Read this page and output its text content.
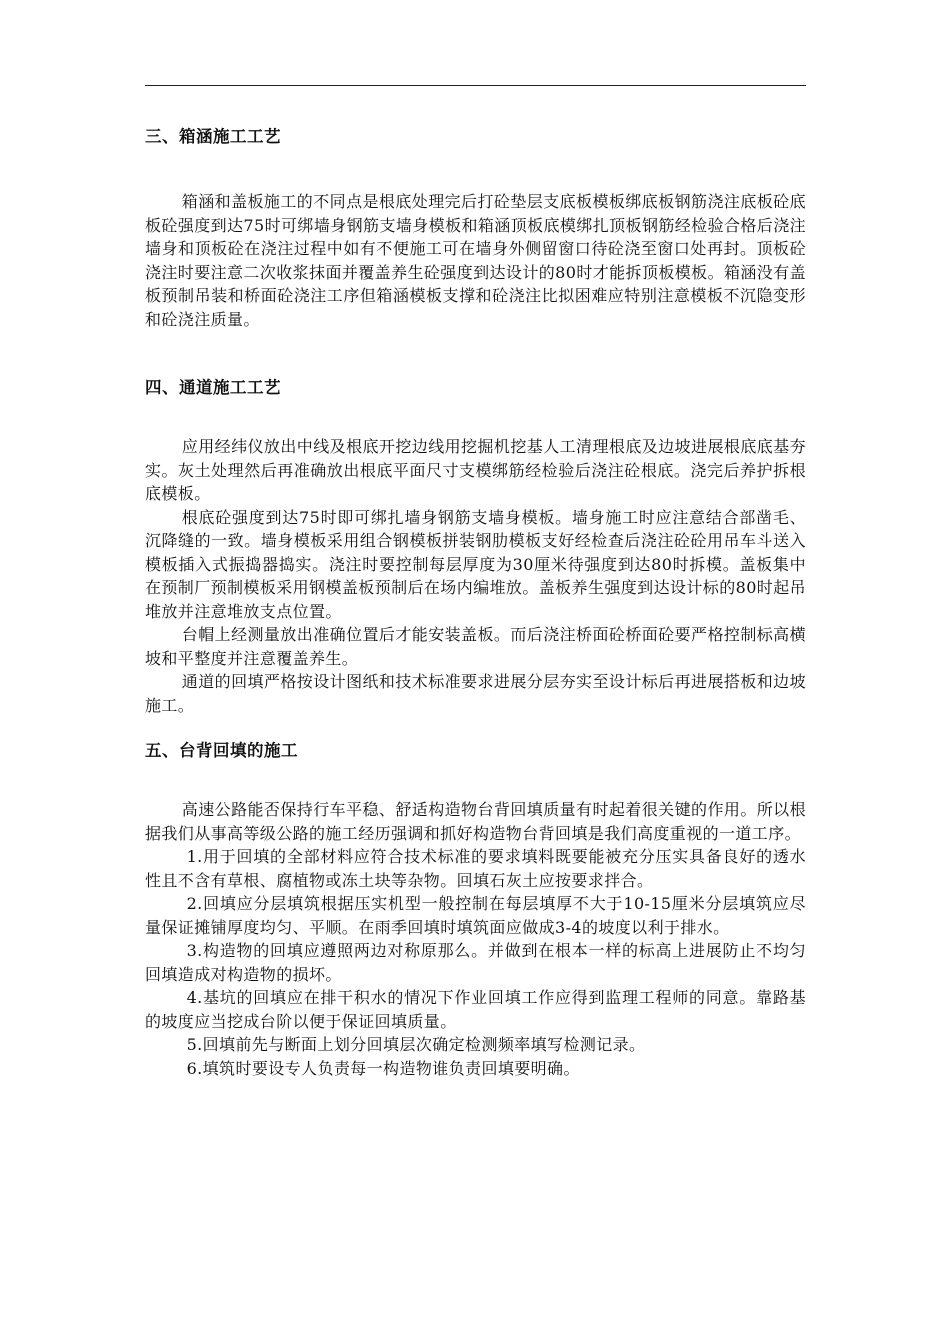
三、箱涵施工工艺

箱涵和盖板施工的不同点是根底处理完后打砼垫层支底板模板绑底板钢筋浇注底板砼底板砼强度到达75时可绑墙身钢筋支墙身模板和箱涵顶板底模绑扎顶板钢筋经检验合格后浇注墙身和顶板砼在浇注过程中如有不便施工可在墙身外侧留窗口待砼浇至窗口处再封。顶板砼浇注时要注意二次收浆抹面并覆盖养生砼强度到达设计的80时才能拆顶板模板。箱涵没有盖板预制吊装和桥面砼浇注工序但箱涵模板支撑和砼浇注比拟困难应特别注意模板不沉隐变形和砼浇注质量。

四、通道施工工艺

应用经纬仪放出中线及根底开挖边线用挖掘机挖基人工清理根底及边坡进展根底底基夯实。灰土处理然后再准确放出根底平面尺寸支模绑筋经检验后浇注砼根底。浇完后养护拆根底模板。

根底砼强度到达75时即可绑扎墙身钢筋支墙身模板。墙身施工时应注意结合部凿毛、沉降缝的一致。墙身模板采用组合钢模板拼装钢肋模板支好经检查后浇注砼砼用吊车斗送入模板插入式振捣器捣实。浇注时要控制每层厚度为30厘米待强度到达80时拆模。盖板集中在预制厂预制模板采用钢模盖板预制后在场内编堆放。盖板养生强度到达设计标的80时起吊堆放并注意堆放支点位置。

台帽上经测量放出准确位置后才能安装盖板。而后浇注桥面砼桥面砼要严格控制标高横坡和平整度并注意覆盖养生。

通道的回填严格按设计图纸和技术标准要求进展分层夯实至设计标后再进展搭板和边坡施工。

五、台背回填的施工

高速公路能否保持行车平稳、舒适构造物台背回填质量有时起着很关键的作用。所以根据我们从事高等级公路的施工经历强调和抓好构造物台背回填是我们高度重视的一道工序。

1.用于回填的全部材料应符合技术标准的要求填料既要能被充分压实具备良好的透水性且不含有草根、腐植物或冻土块等杂物。回填石灰土应按要求拌合。

2.回填应分层填筑根据压实机型一般控制在每层填厚不大于10-15厘米分层填筑应尽量保证摊铺厚度均匀、平顺。在雨季回填时填筑面应做成3-4的坡度以利于排水。

3.构造物的回填应遵照两边对称原那么。并做到在根本一样的标高上进展防止不均匀回填造成对构造物的损坏。

4.基坑的回填应在排干积水的情况下作业回填工作应得到监理工程师的同意。靠路基的坡度应当挖成台阶以便于保证回填质量。

5.回填前先与断面上划分回填层次确定检测频率填写检测记录。

6.填筑时要设专人负责每一构造物谁负责回填要明确。
